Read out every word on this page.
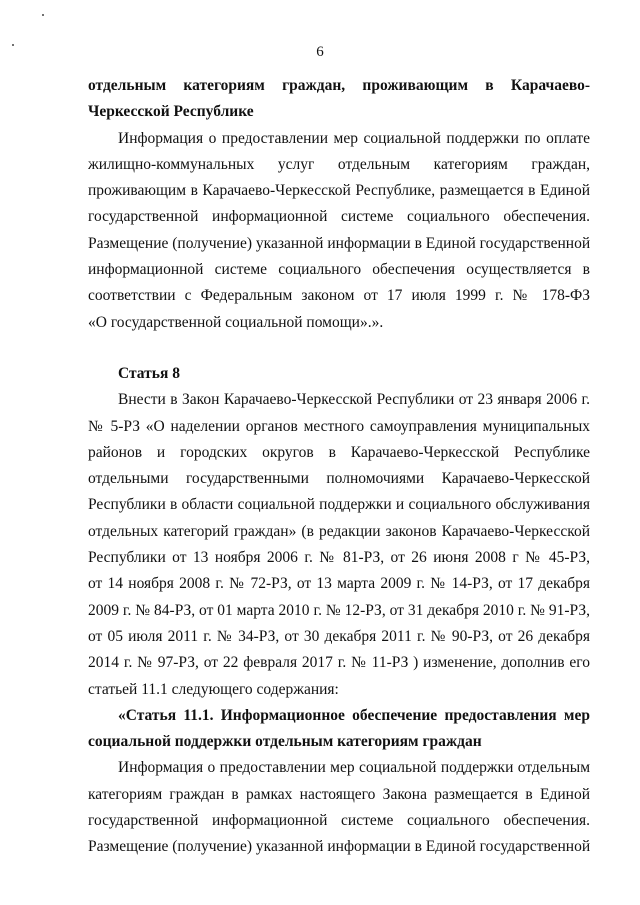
6
отдельным категориям граждан, проживающим в Карачаево-
Черкесской Республике
Информация о предоставлении мер социальной поддержки по оплате
жилищно-коммунальных услуг отдельным категориям граждан,
проживающим в Карачаево-Черкесской Республике, размещается в Единой
государственной информационной системе социального обеспечения.
Размещение (получение) указанной информации в Единой государственной
информационной системе социального обеспечения осуществляется в
соответствии с Федеральным законом от 17 июля 1999 г. № 178-ФЗ
«О государственной социальной помощи».».
Статья 8
Внести в Закон Карачаево-Черкесской Республики от 23 января 2006 г.
№ 5-РЗ «О наделении органов местного самоуправления муниципальных
районов и городских округов в Карачаево-Черкесской Республике
отдельными государственными полномочиями Карачаево-Черкесской
Республики в области социальной поддержки и социального обслуживания
отдельных категорий граждан» (в редакции законов Карачаево-Черкесской
Республики от 13 ноября 2006 г. № 81-РЗ, от 26 июня 2008 г № 45-РЗ,
от 14 ноября 2008 г. № 72-РЗ, от 13 марта 2009 г. № 14-РЗ, от 17 декабря
2009 г. № 84-РЗ, от 01 марта 2010 г. № 12-РЗ, от 31 декабря 2010 г. № 91-РЗ,
от 05 июля 2011 г. № 34-РЗ, от 30 декабря 2011 г. № 90-РЗ, от 26 декабря
2014 г. № 97-РЗ, от 22 февраля 2017 г. № 11-РЗ ) изменение, дополнив его
статьей 11.1 следующего содержания:
«Статья 11.1. Информационное обеспечение предоставления мер
социальной поддержки отдельным категориям граждан
Информация о предоставлении мер социальной поддержки отдельным
категориям граждан в рамках настоящего Закона размещается в Единой
государственной информационной системе социального обеспечения.
Размещение (получение) указанной информации в Единой государственной
